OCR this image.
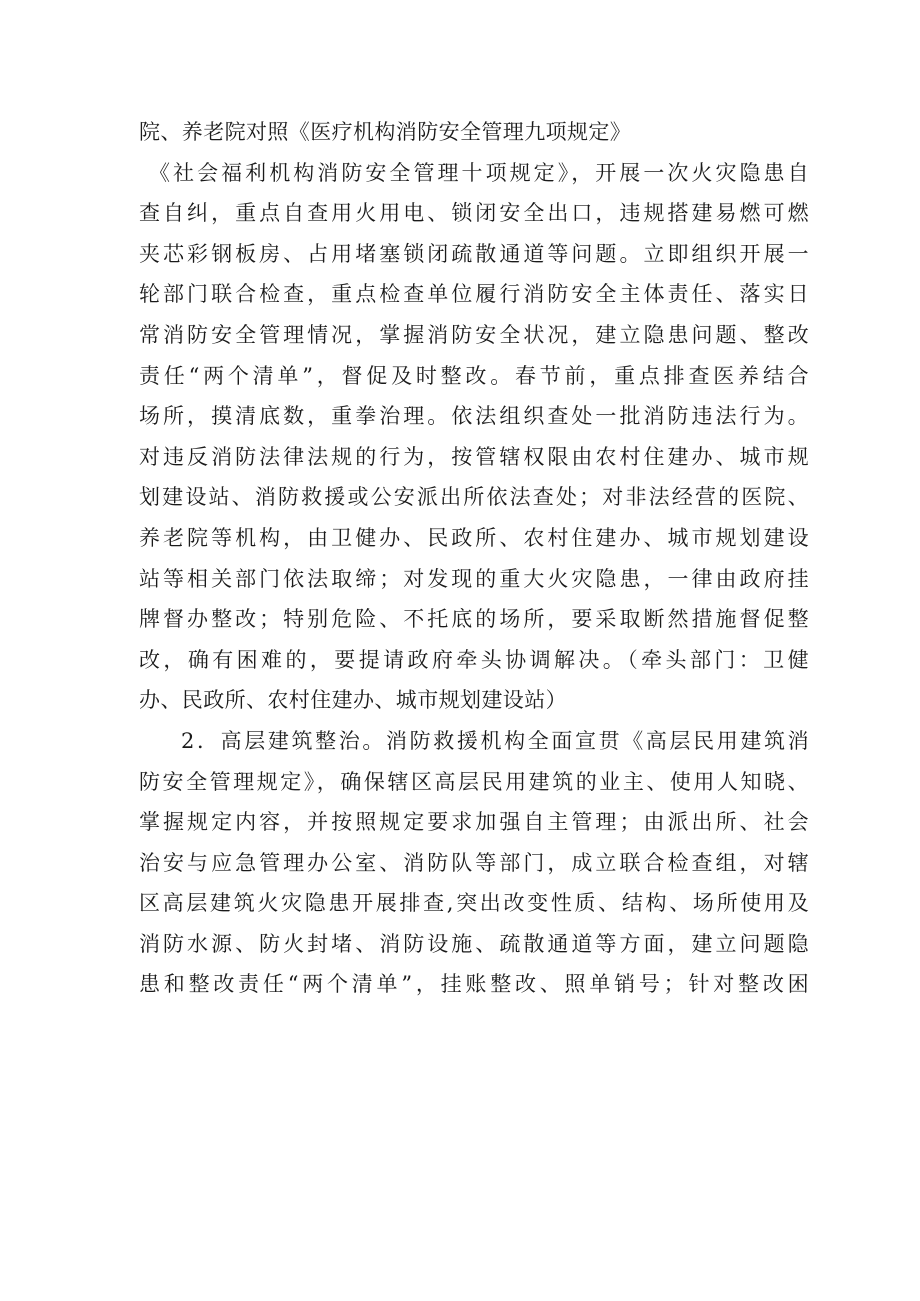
院、养老院对照《医疗机构消防安全管理九项规定》
《社会福利机构消防安全管理十项规定》，开展一次火灾隐患自
查自纠，重点自查用火用电、锁闭安全出口，违规搭建易燃可燃
夹芯彩钢板房、占用堵塞锁闭疏散通道等问题。立即组织开展一
轮部门联合检查，重点检查单位履行消防安全主体责任、落实日
常消防安全管理情况，掌握消防安全状况，建立隐患问题、整改
责任“两个清单”，督促及时整改。春节前，重点排查医养结合
场所，摸清底数，重拳治理。依法组织查处一批消防违法行为。
对违反消防法律法规的行为，按管辖权限由农村住建办、城市规
划建设站、消防救援或公安派出所依法查处；对非法经营的医院、
养老院等机构，由卫健办、民政所、农村住建办、城市规划建设
站等相关部门依法取缔；对发现的重大火灾隐患，一律由政府挂
牌督办整改；特别危险、不托底的场所，要采取断然措施督促整
改，确有困难的，要提请政府牵头协调解决。（牵头部门：卫健
办、民政所、农村住建办、城市规划建设站）
2．高层建筑整治。消防救援机构全面宣贯《高层民用建筑消
防安全管理规定》，确保辖区高层民用建筑的业主、使用人知晓、
掌握规定内容，并按照规定要求加强自主管理；由派出所、社会
治安与应急管理办公室、消防队等部门，成立联合检查组，对辖
区高层建筑火灾隐患开展排查,突出改变性质、结构、场所使用及
消防水源、防火封堵、消防设施、疏散通道等方面，建立问题隐
患和整改责任“两个清单”，挂账整改、照单销号；针对整改困
